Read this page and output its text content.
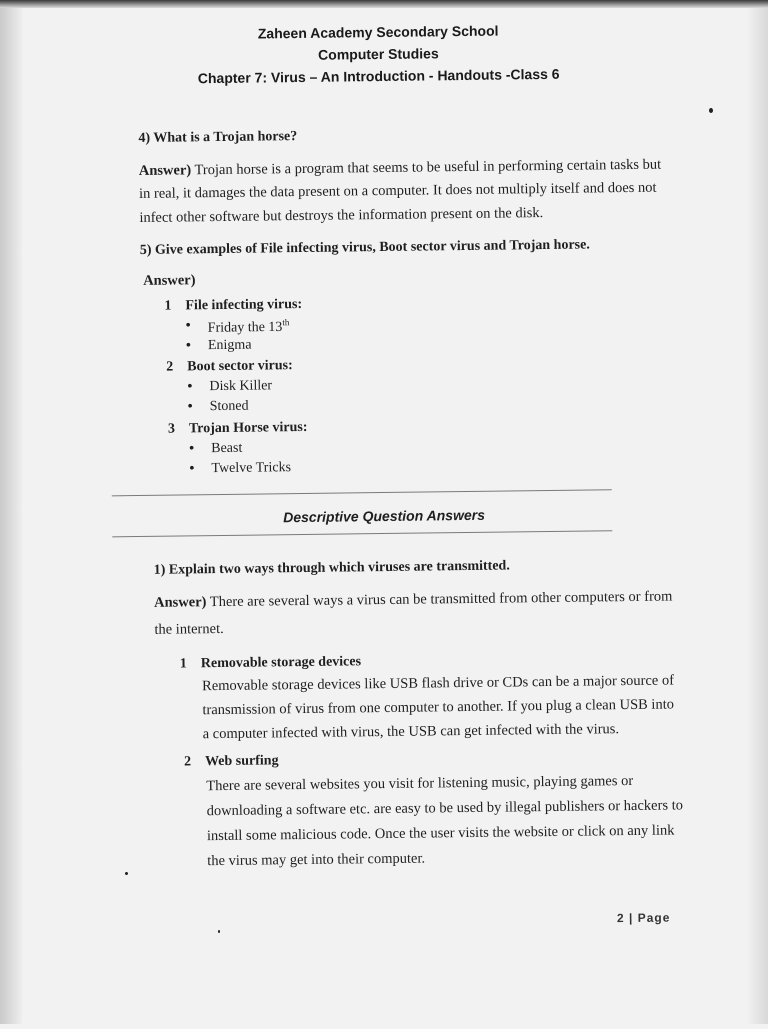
Zaheen Academy Secondary School
Computer Studies
Chapter 7: Virus – An Introduction - Handouts -Class 6
4) What is a Trojan horse?
Answer) Trojan horse is a program that seems to be useful in performing certain tasks but
in real, it damages the data present on a computer. It does not multiply itself and does not
infect other software but destroys the information present on the disk.
5) Give examples of File infecting virus, Boot sector virus and Trojan horse.
Answer)
1 File infecting virus:
• Friday the 13th
• Enigma
2 Boot sector virus:
• Disk Killer
• Stoned
3 Trojan Horse virus:
• Beast
• Twelve Tricks
Descriptive Question Answers
1) Explain two ways through which viruses are transmitted.
Answer) There are several ways a virus can be transmitted from other computers or from
the internet.
1 Removable storage devices
Removable storage devices like USB flash drive or CDs can be a major source of
transmission of virus from one computer to another. If you plug a clean USB into
a computer infected with virus, the USB can get infected with the virus.
2 Web surfing
There are several websites you visit for listening music, playing games or
downloading a software etc. are easy to be used by illegal publishers or hackers to
install some malicious code. Once the user visits the website or click on any link
the virus may get into their computer.
2 | Page
